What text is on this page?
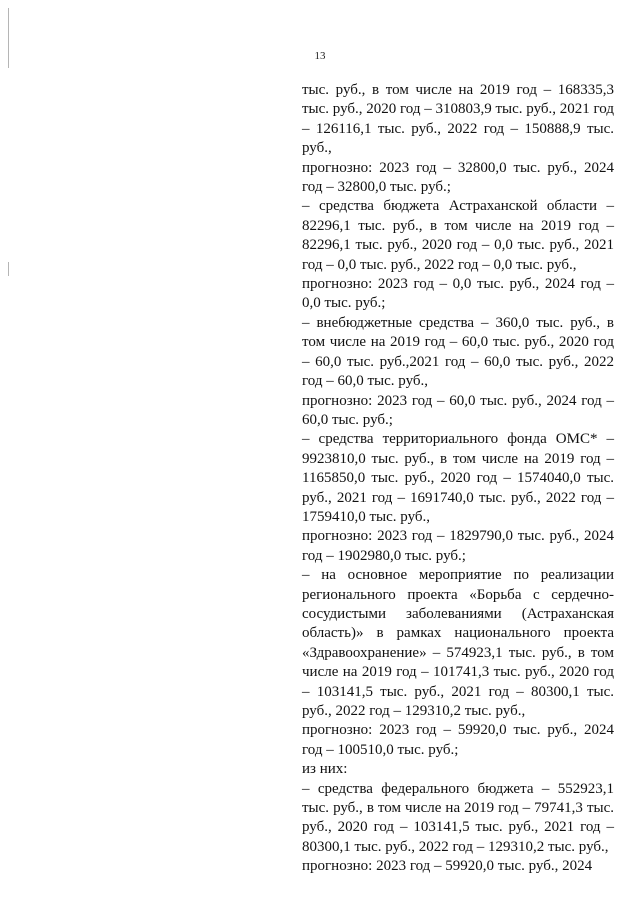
13

тыс. руб., в том числе на 2019 год – 168335,3 тыс. руб., 2020 год – 310803,9 тыс. руб., 2021 год – 126116,1 тыс. руб., 2022 год – 150888,9 тыс. руб.,

прогнозно: 2023 год – 32800,0 тыс. руб., 2024 год – 32800,0 тыс. руб.;

– средства бюджета Астраханской области – 82296,1 тыс. руб., в том числе на 2019 год – 82296,1 тыс. руб., 2020 год – 0,0 тыс. руб., 2021 год – 0,0 тыс. руб., 2022 год – 0,0 тыс. руб.,

прогнозно: 2023 год – 0,0 тыс. руб., 2024 год – 0,0 тыс. руб.;

– внебюджетные средства – 360,0 тыс. руб., в том числе на 2019 год – 60,0 тыс. руб., 2020 год – 60,0 тыс. руб.,2021 год – 60,0 тыс. руб., 2022 год – 60,0 тыс. руб.,

прогнозно: 2023 год – 60,0 тыс. руб., 2024 год – 60,0 тыс. руб.;

– средства территориального фонда ОМС* – 9923810,0 тыс. руб., в том числе на 2019 год – 1165850,0 тыс. руб., 2020 год – 1574040,0 тыс. руб., 2021 год – 1691740,0 тыс. руб., 2022 год – 1759410,0 тыс. руб.,

прогнозно: 2023 год – 1829790,0 тыс. руб., 2024 год – 1902980,0 тыс. руб.;

– на основное мероприятие по реализации регионального проекта «Борьба с сердечно-сосудистыми заболеваниями (Астраханская область)» в рамках национального проекта «Здравоохранение» – 574923,1 тыс. руб., в том числе на 2019 год – 101741,3 тыс. руб., 2020 год – 103141,5 тыс. руб., 2021 год – 80300,1 тыс. руб., 2022 год – 129310,2 тыс. руб.,

прогнозно: 2023 год – 59920,0 тыс. руб., 2024 год – 100510,0 тыс. руб.;

из них:

– средства федерального бюджета – 552923,1 тыс. руб., в том числе на 2019 год – 79741,3 тыс. руб., 2020 год – 103141,5 тыс. руб., 2021 год – 80300,1 тыс. руб., 2022 год – 129310,2 тыс. руб.,

прогнозно: 2023 год – 59920,0 тыс. руб., 2024
